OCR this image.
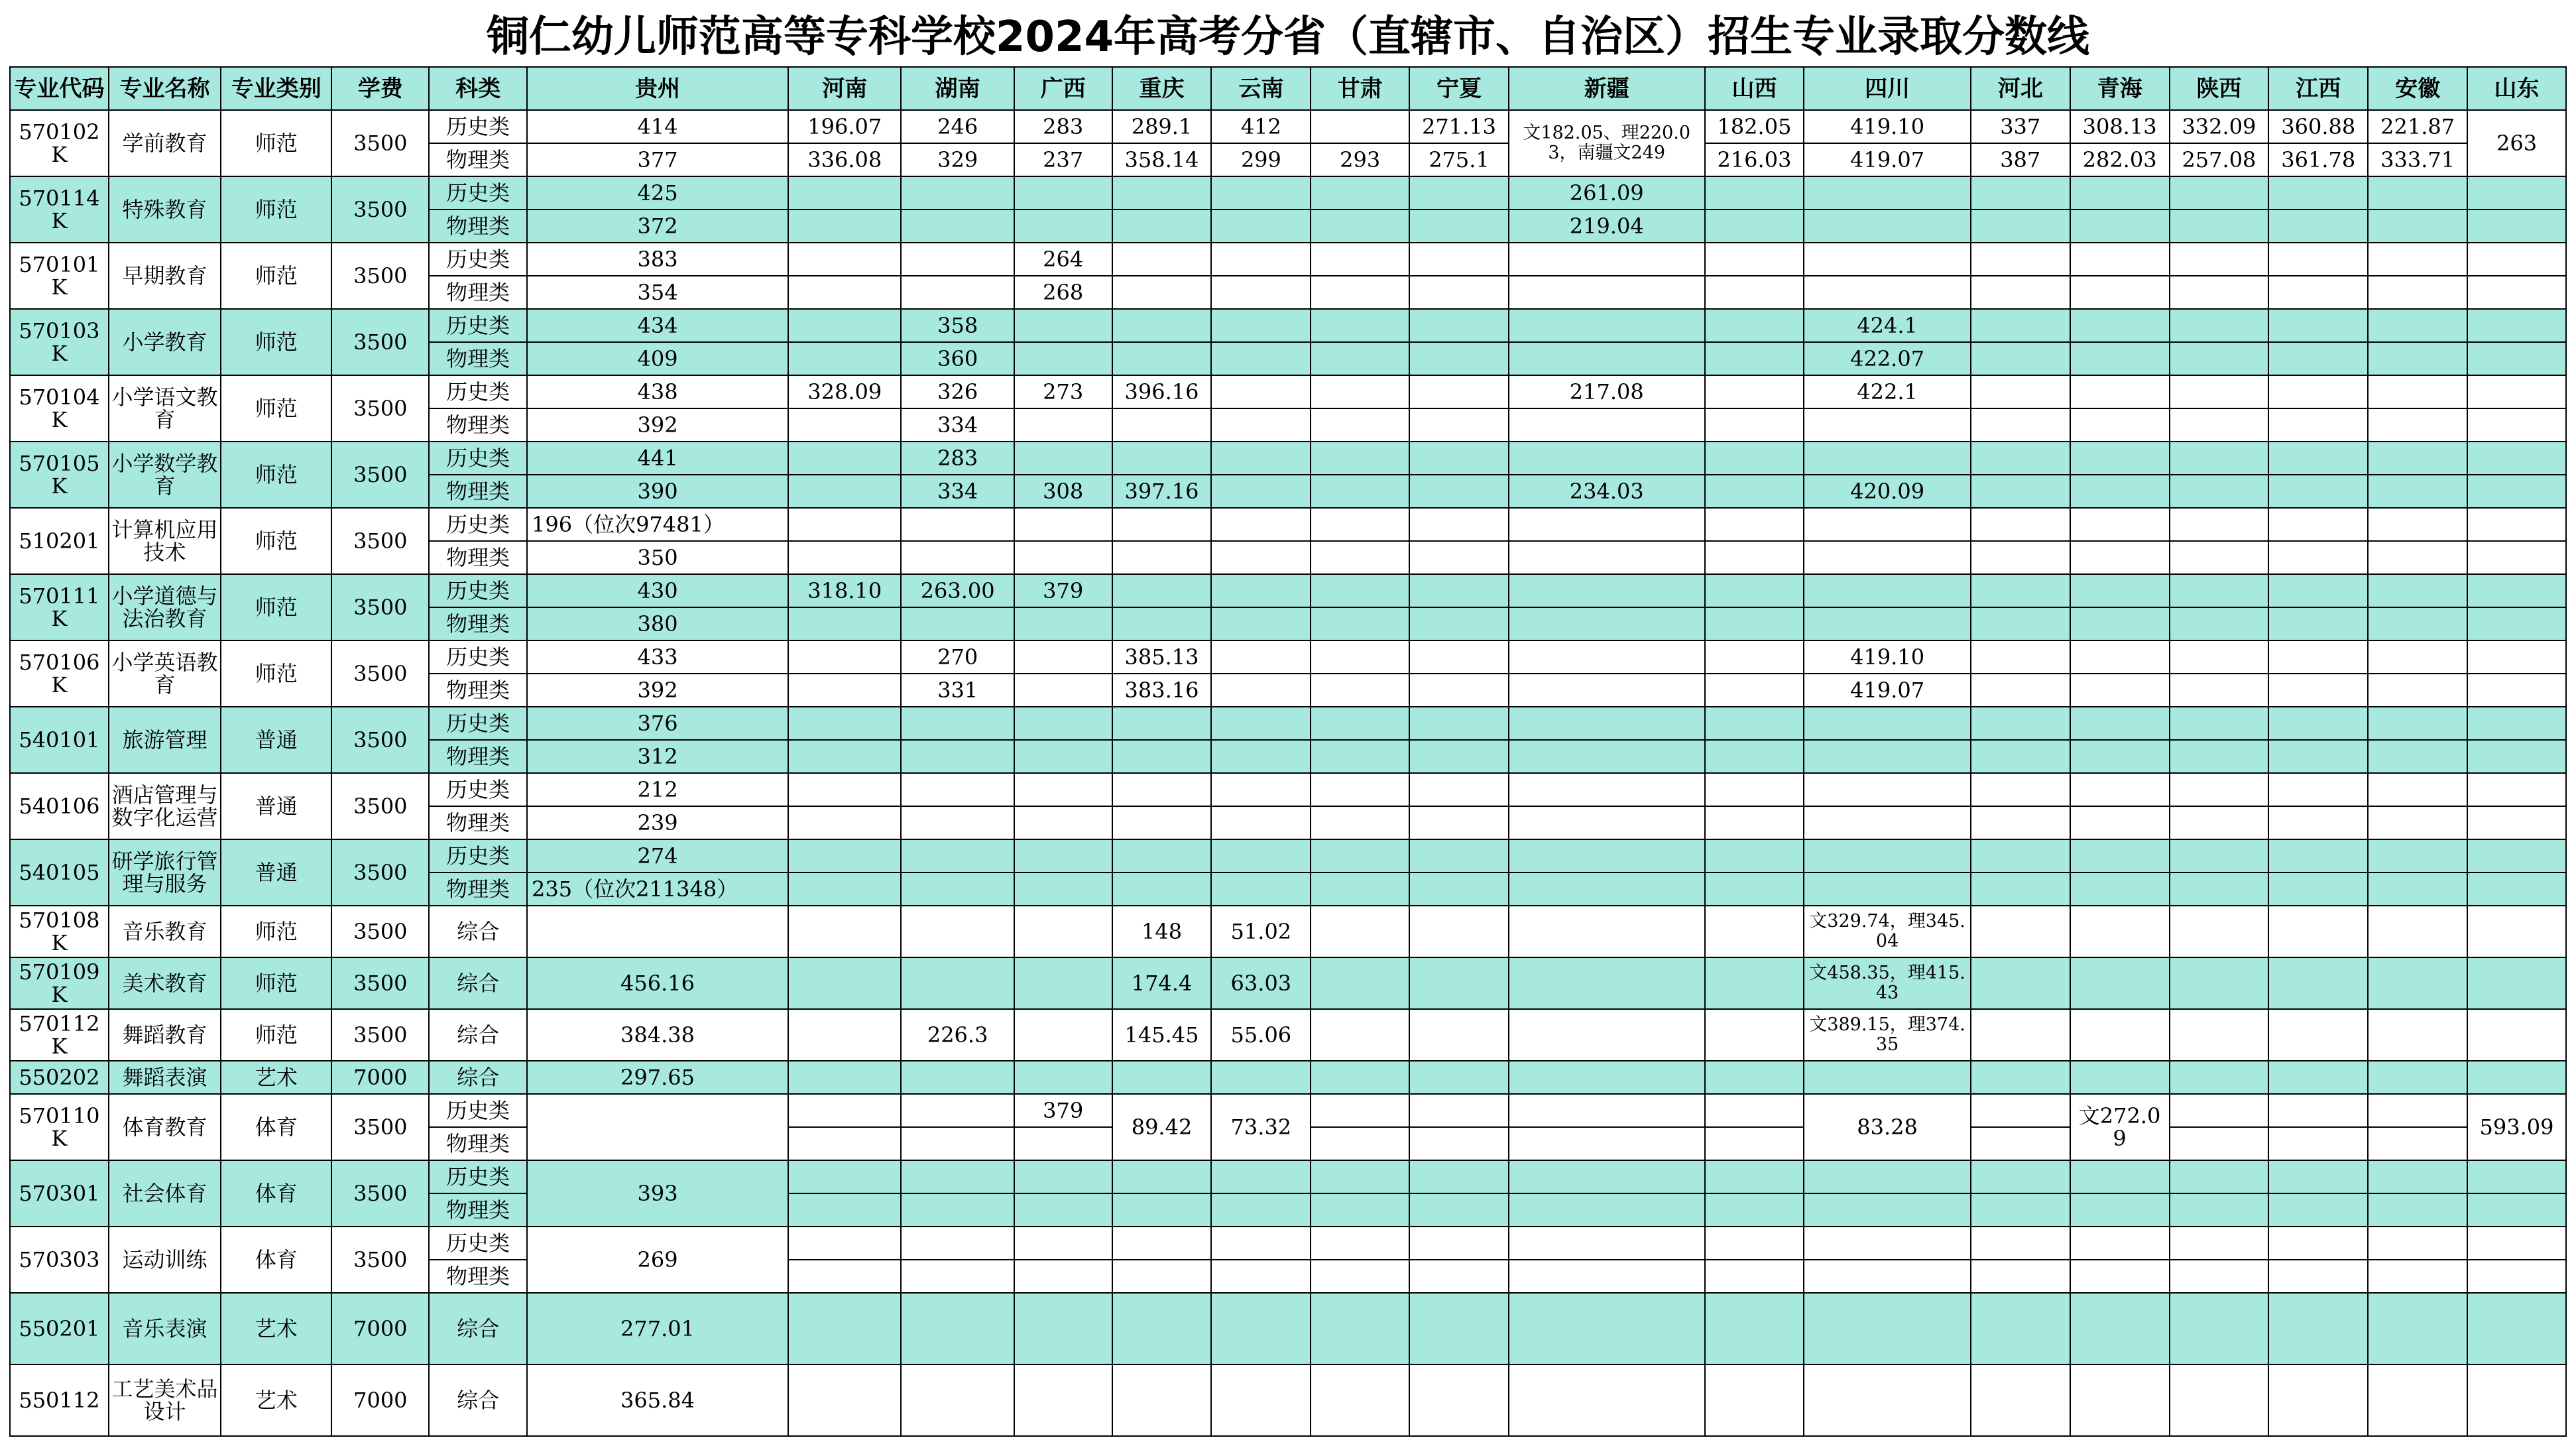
铜仁幼儿师范高等专科学校2024年高考分省（直辖市、自治区）招生专业录取分数线
专业代码	专业名称	专业类别	学费	科类	贵州	河南	湖南	广西	重庆	云南	甘肃	宁夏	新疆	山西	四川	河北	青海	陕西	江西	安徽	山东
570102K	学前教育	师范	3500	历史类	414	196.07	246	283	289.1	412		271.13	文182.05、理220.03，南疆文249	182.05	419.10	337	308.13	332.09	360.88	221.87	263
				物理类	377	336.08	329	237	358.14	299	293	275.1		216.03	419.07	387	282.03	257.08	361.78	333.71	
570114K	特殊教育	师范	3500	历史类	425								261.09								
				物理类	372								219.04								
570101K	早期教育	师范	3500	历史类	383			264													
				物理类	354			268													
570103K	小学教育	师范	3500	历史类	434		358								424.1						
				物理类	409		360								422.07						
570104K	小学语文教育	师范	3500	历史类	438	328.09	326	273	396.16				217.08		422.1						
				物理类	392		334														
570105K	小学数学教育	师范	3500	历史类	441		283														
				物理类	390		334	308	397.16				234.03		420.09						
510201	计算机应用技术	师范	3500	历史类	196（位次97481）																
				物理类	350																
570111K	小学道德与法治教育	师范	3500	历史类	430	318.10	263.00	379													
				物理类	380																
570106K	小学英语教育	师范	3500	历史类	433		270		385.13						419.10						
				物理类	392		331		383.16						419.07						
540101	旅游管理	普通	3500	历史类	376																
				物理类	312																
540106	酒店管理与数字化运营	普通	3500	历史类	212																
				物理类	239																
540105	研学旅行管理与服务	普通	3500	历史类	274																
				物理类	235（位次211348）																
570108K	音乐教育	师范	3500	综合					148	51.02					文329.74，理345.04						
570109K	美术教育	师范	3500	综合	456.16				174.4	63.03					文458.35，理415.43						
570112K	舞蹈教育	师范	3500	综合	384.38		226.3		145.45	55.06					文389.15，理374.35						
550202	舞蹈表演	艺术	7000	综合	297.65																
570110K	体育教育	体育	3500	历史类				379	89.42	73.32					83.28		文272.09				593.09
				物理类																	
570301	社会体育	体育	3500	历史类	393																
				物理类																	
570303	运动训练	体育	3500	历史类	269																
				物理类																	
550201	音乐表演	艺术	7000	综合	277.01																
550112	工艺美术品设计	艺术	7000	综合	365.84																
